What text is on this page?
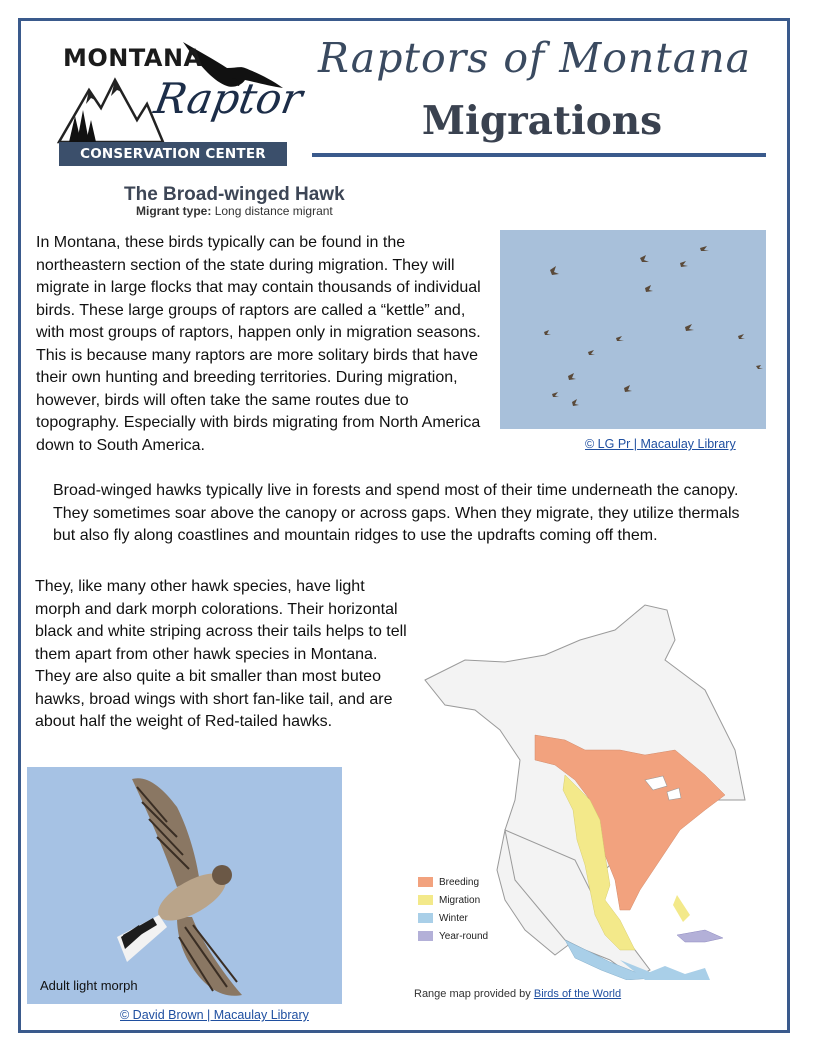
MONTANA
Raptor
CONSERVATION CENTER
Raptors of Montana
Migrations
The Broad-winged Hawk
Migrant type: Long distance migrant

In Montana, these birds typically can be found in the northeastern section of the state during migration. They will migrate in large flocks that may contain thousands of individual birds. These large groups of raptors are called a “kettle” and, with most groups of raptors, happen only in migration seasons. This is because many raptors are more solitary birds that have their own hunting and breeding territories. During migration, however, birds will often take the same routes due to topography. Especially with birds migrating from North America down to South America.

Broad-winged hawks typically live in forests and spend most of their time underneath the canopy. They sometimes soar above the canopy or across gaps. When they migrate, they utilize thermals but also fly along coastlines and mountain ridges to use the updrafts coming off them.

They, like many other hawk species, have light morph and dark morph colorations. Their horizontal black and white striping across their tails helps to tell them apart from other hawk species in Montana. They are also quite a bit smaller than most buteo hawks, broad wings with short fan-like tail, and are about half the weight of Red-tailed hawks.

© LG Pr | Macaulay Library
Adult light morph
© David Brown | Macaulay Library
Breeding
Migration
Winter
Year-round
Range map provided by Birds of the World
